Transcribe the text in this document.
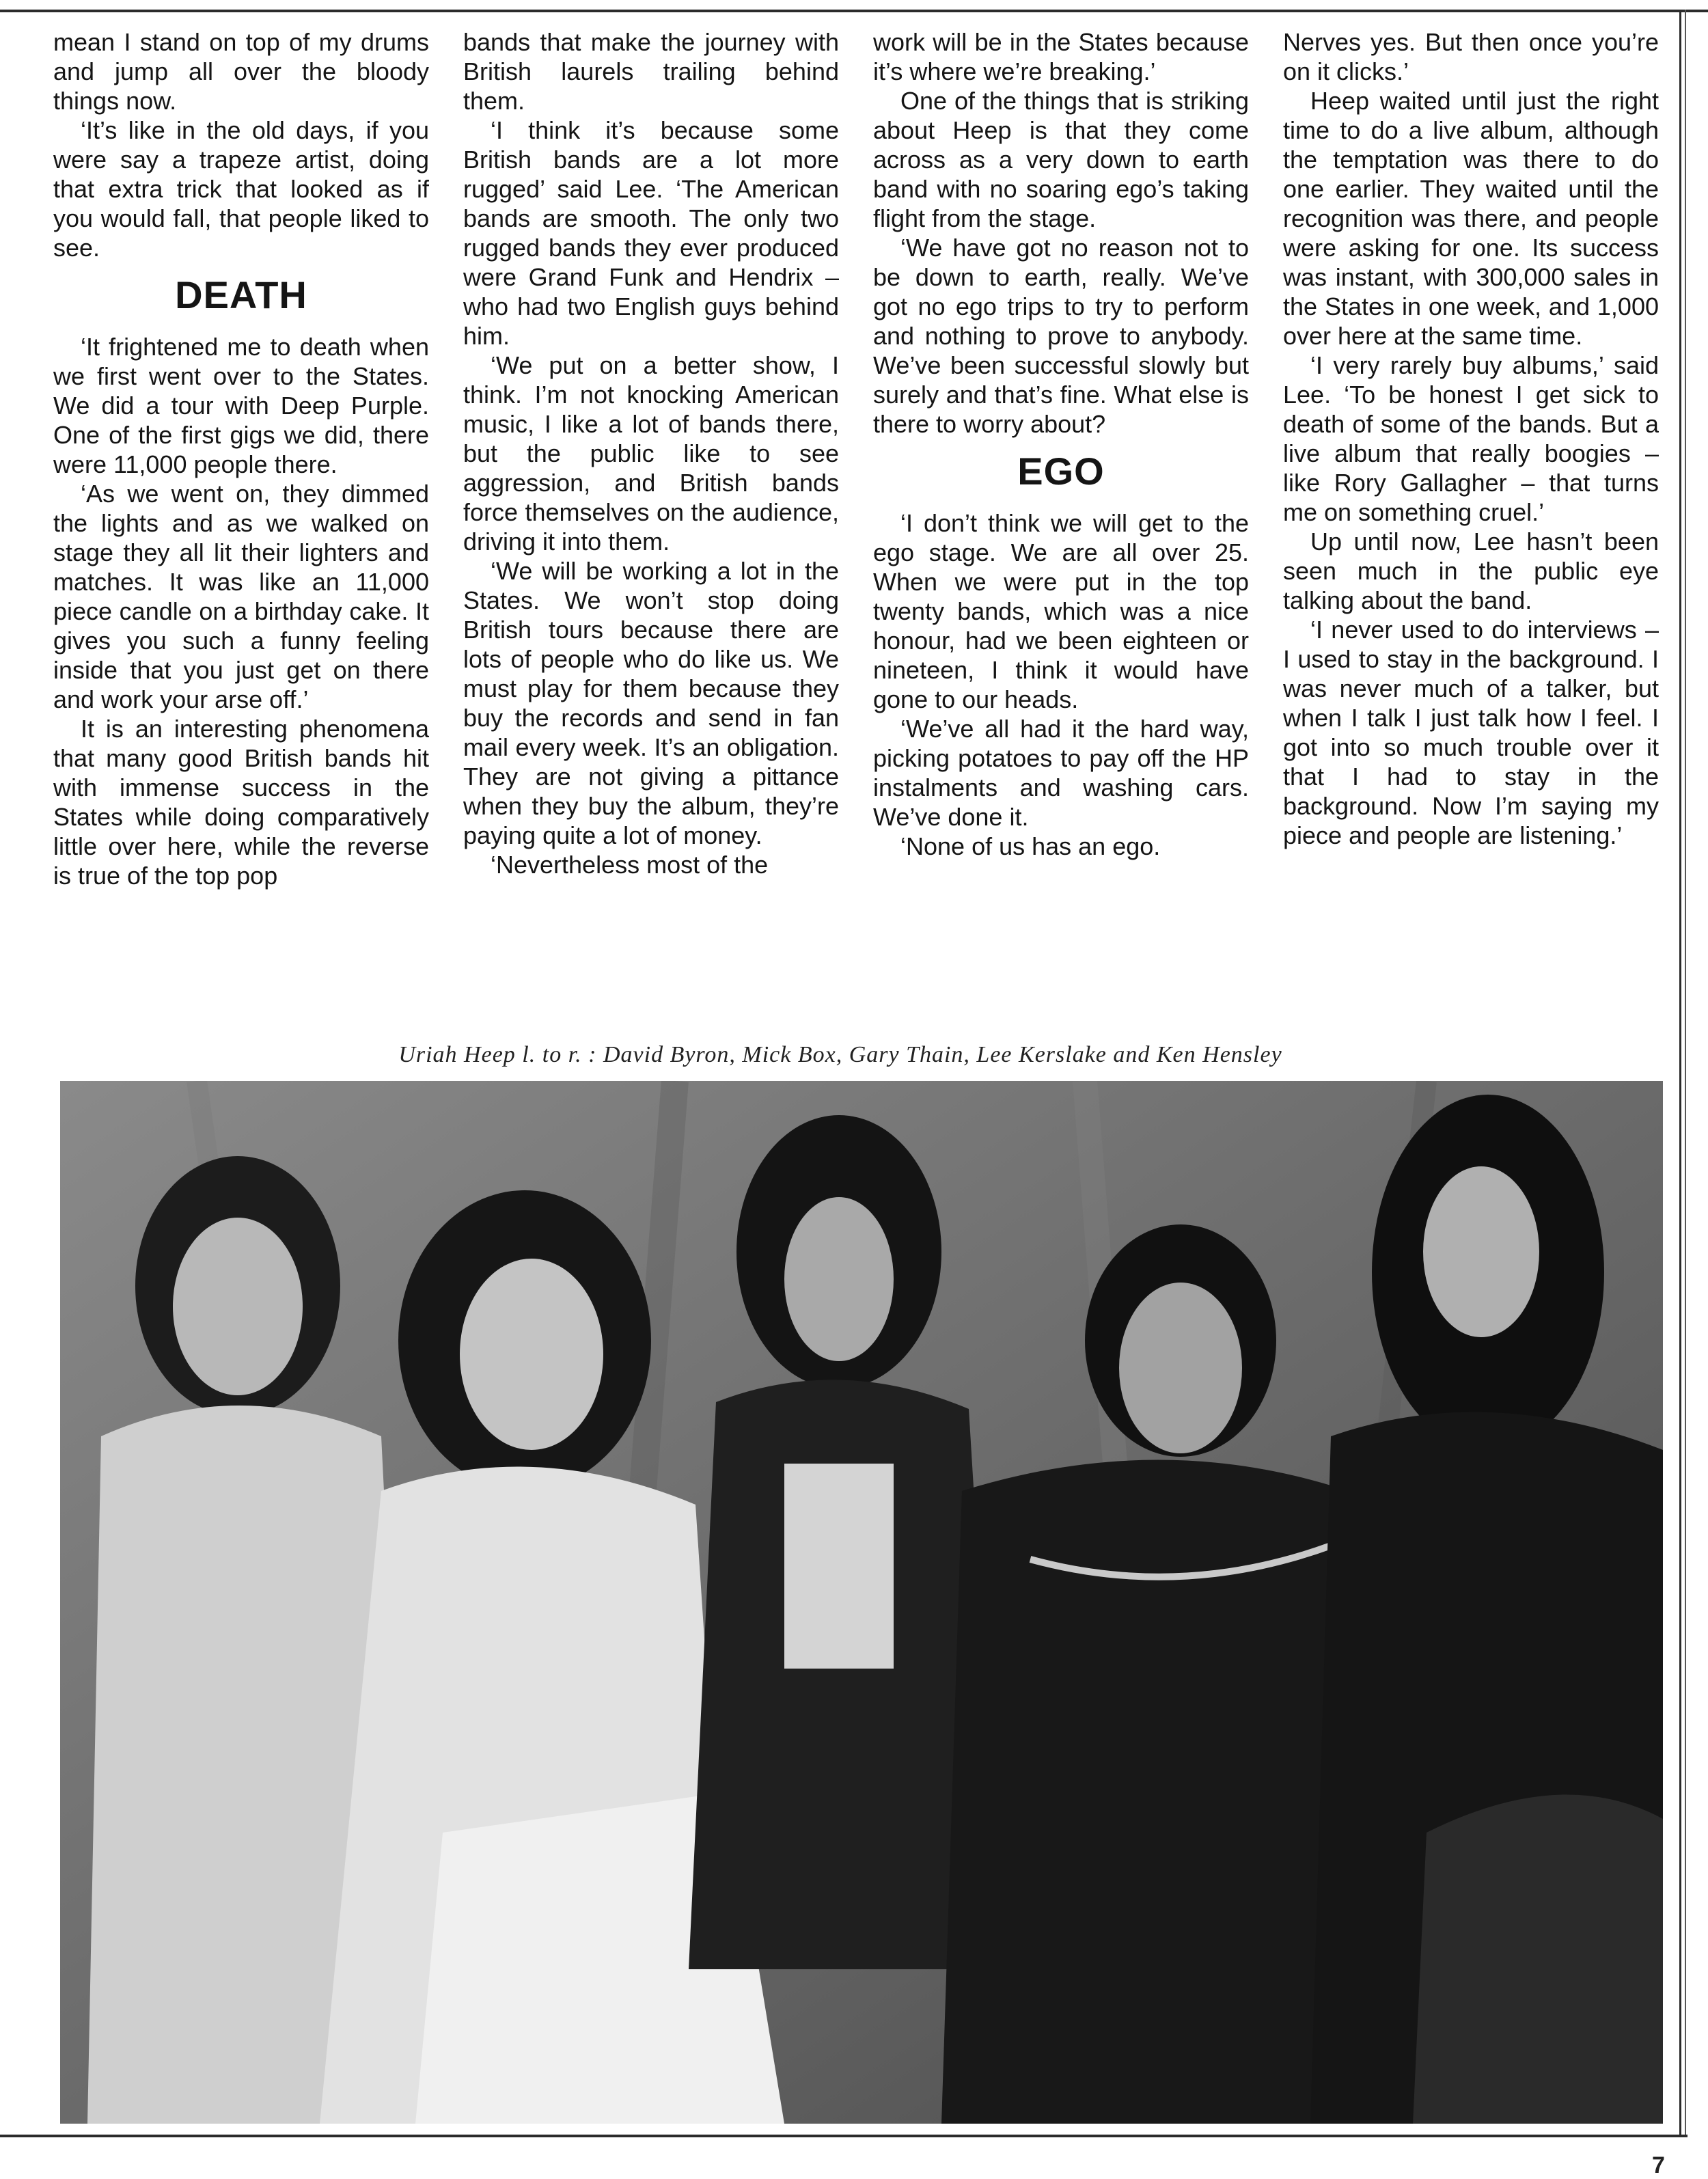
mean I stand on top of my drums and jump all over the bloody things now.

‘It’s like in the old days, if you were say a trapeze artist, doing that extra trick that looked as if you would fall, that people liked to see.

DEATH

‘It frightened me to death when we first went over to the States. We did a tour with Deep Purple. One of the first gigs we did, there were 11,000 people there.

‘As we went on, they dimmed the lights and as we walked on stage they all lit their lighters and matches. It was like an 11,000 piece candle on a birthday cake. It gives you such a funny feeling inside that you just get on there and work your arse off.’

It is an interesting phenomena that many good British bands hit with immense success in the States while doing comparatively little over here, while the reverse is true of the top pop

bands that make the journey with British laurels trailing behind them.

‘I think it’s because some British bands are a lot more rugged’ said Lee. ‘The American bands are smooth. The only two rugged bands they ever produced were Grand Funk and Hendrix – who had two English guys behind him.

‘We put on a better show, I think. I’m not knocking American music, I like a lot of bands there, but the public like to see aggression, and British bands force themselves on the audience, driving it into them.

‘We will be working a lot in the States. We won’t stop doing British tours because there are lots of people who do like us. We must play for them because they buy the records and send in fan mail every week. It’s an obligation. They are not giving a pittance when they buy the album, they’re paying quite a lot of money.

‘Nevertheless most of the

work will be in the States because it’s where we’re breaking.’

One of the things that is striking about Heep is that they come across as a very down to earth band with no soaring ego’s taking flight from the stage.

‘We have got no reason not to be down to earth, really. We’ve got no ego trips to try to perform and nothing to prove to anybody. We’ve been successful slowly but surely and that’s fine. What else is there to worry about?

EGO

‘I don’t think we will get to the ego stage. We are all over 25. When we were put in the top twenty bands, which was a nice honour, had we been eighteen or nineteen, I think it would have gone to our heads.

‘We’ve all had it the hard way, picking potatoes to pay off the HP instalments and washing cars. We’ve done it.

‘None of us has an ego.

Nerves yes. But then once you’re on it clicks.’

Heep waited until just the right time to do a live album, although the temptation was there to do one earlier. They waited until the recognition was there, and people were asking for one. Its success was instant, with 300,000 sales in the States in one week, and 1,000 over here at the same time.

‘I very rarely buy albums,’ said Lee. ‘To be honest I get sick to death of some of the bands. But a live album that really boogies – like Rory Gallagher – that turns me on something cruel.’

Up until now, Lee hasn’t been seen much in the public eye talking about the band.

‘I never used to do interviews – I used to stay in the background. I was never much of a talker, but when I talk I just talk how I feel. I got into so much trouble over it that I had to stay in the background. Now I’m saying my piece and people are listening.’

Uriah Heep l. to r. : David Byron, Mick Box, Gary Thain, Lee Kerslake and Ken Hensley
7
